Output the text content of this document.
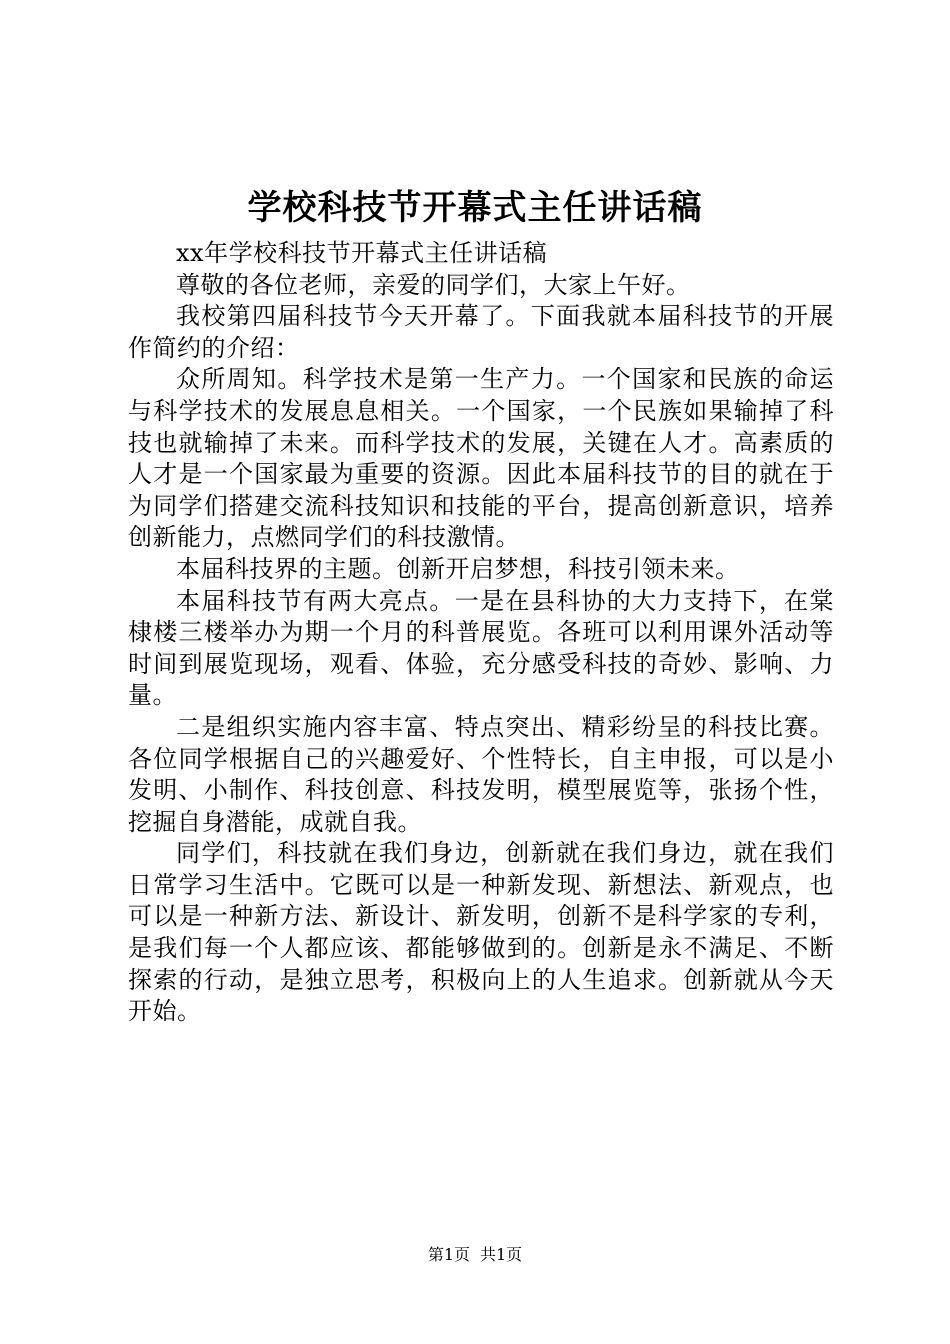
学校科技节开幕式主任讲话稿

xx年学校科技节开幕式主任讲话稿

尊敬的各位老师，亲爱的同学们，大家上午好。

我校第四届科技节今天开幕了。下面我就本届科技节的开展作简约的介绍：

众所周知。科学技术是第一生产力。一个国家和民族的命运与科学技术的发展息息相关。一个国家，一个民族如果输掉了科技也就输掉了未来。而科学技术的发展，关键在人才。高素质的人才是一个国家最为重要的资源。因此本届科技节的目的就在于为同学们搭建交流科技知识和技能的平台，提高创新意识，培养创新能力，点燃同学们的科技激情。

本届科技界的主题。创新开启梦想，科技引领未来。

本届科技节有两大亮点。一是在县科协的大力支持下，在棠棣楼三楼举办为期一个月的科普展览。各班可以利用课外活动等时间到展览现场，观看、体验，充分感受科技的奇妙、影响、力量。

二是组织实施内容丰富、特点突出、精彩纷呈的科技比赛。各位同学根据自己的兴趣爱好、个性特长，自主申报，可以是小发明、小制作、科技创意、科技发明，模型展览等，张扬个性，挖掘自身潜能，成就自我。

同学们，科技就在我们身边，创新就在我们身边，就在我们日常学习生活中。它既可以是一种新发现、新想法、新观点，也可以是一种新方法、新设计、新发明，创新不是科学家的专利，是我们每一个人都应该、都能够做到的。创新是永不满足、不断探索的行动，是独立思考，积极向上的人生追求。创新就从今天开始。

第1页 共1页
